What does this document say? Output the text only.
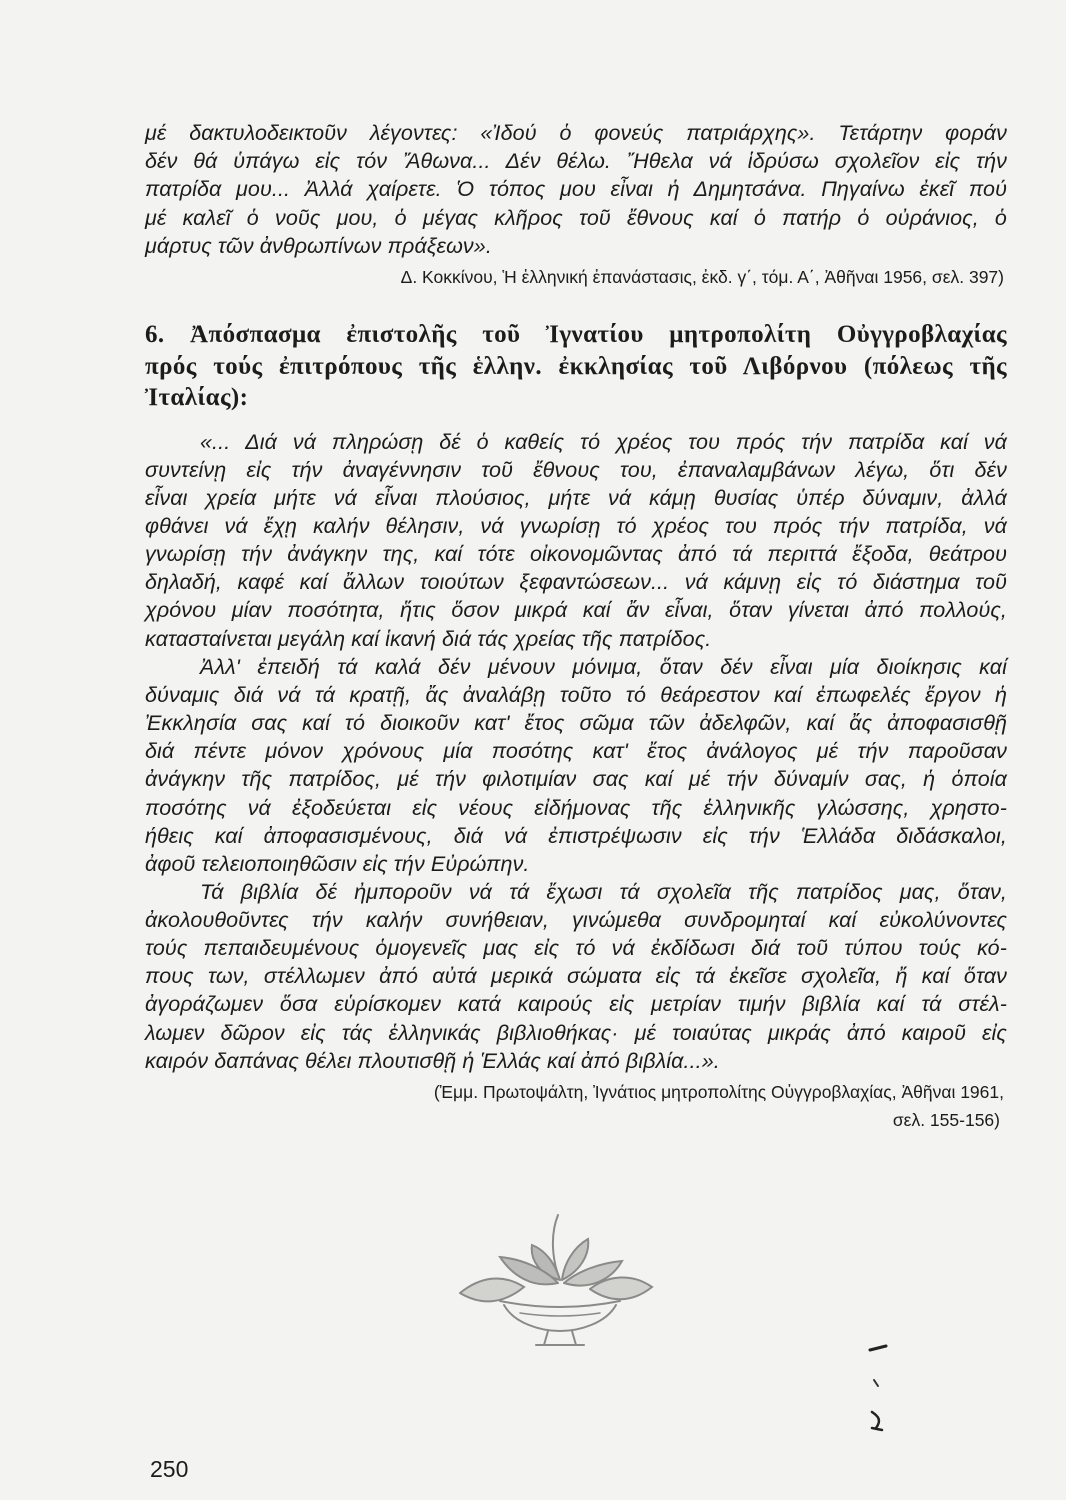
μέ δακτυλοδεικτοῦν λέγοντες: «Ἰδού ὁ φονεύς πατριάρχης». Τετάρτην φοράν
δέν θά ὑπάγω εἰς τόν Ἄθωνα... Δέν θέλω. Ἤθελα νά ἱδρύσω σχολεῖον εἰς τήν
πατρίδα μου... Ἀλλά χαίρετε. Ὁ τόπος μου εἶναι ἡ Δημητσάνα. Πηγαίνω ἐκεῖ πού
μέ καλεῖ ὁ νοῦς μου, ὁ μέγας κλῆρος τοῦ ἔθνους καί ὁ πατήρ ὁ οὐράνιος, ὁ
μάρτυς τῶν ἀνθρωπίνων πράξεων».
Δ. Κοκκίνου, Ἡ ἑλληνική ἐπανάστασις, ἐκδ. γ΄, τόμ. Α΄, Ἀθῆναι 1956, σελ. 397)
6. Ἀπόσπασμα ἐπιστολῆς τοῦ Ἰγνατίου μητροπολίτη Οὐγγροβλαχίας
πρός τούς ἐπιτρόπους τῆς ἑλλην. ἐκκλησίας τοῦ Λιβόρνου (πόλεως τῆς
Ἰταλίας):
«... Διά νά πληρώσῃ δέ ὁ καθείς τό χρέος του πρός τήν πατρίδα καί νά
συντείνῃ εἰς τήν ἀναγέννησιν τοῦ ἔθνους του, ἐπαναλαμβάνων λέγω, ὅτι δέν
εἶναι χρεία μήτε νά εἶναι πλούσιος, μήτε νά κάμῃ θυσίας ὑπέρ δύναμιν, ἀλλά
φθάνει νά ἔχῃ καλήν θέλησιν, νά γνωρίσῃ τό χρέος του πρός τήν πατρίδα, νά
γνωρίσῃ τήν ἀνάγκην της, καί τότε οἰκονομῶντας ἀπό τά περιττά ἔξοδα, θεάτρου
δηλαδή, καφέ καί ἄλλων τοιούτων ξεφαντώσεων... νά κάμνῃ εἰς τό διάστημα τοῦ
χρόνου μίαν ποσότητα, ἥτις ὅσον μικρά καί ἄν εἶναι, ὅταν γίνεται ἀπό πολλούς,
κατασταίνεται μεγάλη καί ἱκανή διά τάς χρείας τῆς πατρίδος.
Ἀλλ' ἐπειδή τά καλά δέν μένουν μόνιμα, ὅταν δέν εἶναι μία διοίκησις καί
δύναμις διά νά τά κρατῇ, ἄς ἀναλάβῃ τοῦτο τό θεάρεστον καί ἐπωφελές ἔργον ἡ
Ἐκκλησία σας καί τό διοικοῦν κατ' ἔτος σῶμα τῶν ἀδελφῶν, καί ἄς ἀποφασισθῇ
διά πέντε μόνον χρόνους μία ποσότης κατ' ἔτος ἀνάλογος μέ τήν παροῦσαν
ἀνάγκην τῆς πατρίδος, μέ τήν φιλοτιμίαν σας καί μέ τήν δύναμίν σας, ἡ ὁποία
ποσότης νά ἐξοδεύεται εἰς νέους εἰδήμονας τῆς ἑλληνικῆς γλώσσης, χρηστο-
ήθεις καί ἀποφασισμένους, διά νά ἐπιστρέψωσιν εἰς τήν Ἑλλάδα διδάσκαλοι,
ἀφοῦ τελειοποιηθῶσιν εἰς τήν Εὐρώπην.
Τά βιβλία δέ ἠμποροῦν νά τά ἔχωσι τά σχολεῖα τῆς πατρίδος μας, ὅταν,
ἀκολουθοῦντες τήν καλήν συνήθειαν, γινώμεθα συνδρομηταί καί εὐκολύνοντες
τούς πεπαιδευμένους ὁμογενεῖς μας εἰς τό νά ἐκδίδωσι διά τοῦ τύπου τούς κό-
πους των, στέλλωμεν ἀπό αὐτά μερικά σώματα εἰς τά ἐκεῖσε σχολεῖα, ἤ καί ὅταν
ἀγοράζωμεν ὅσα εὑρίσκομεν κατά καιρούς εἰς μετρίαν τιμήν βιβλία καί τά στέλ-
λωμεν δῶρον εἰς τάς ἑλληνικάς βιβλιοθήκας· μέ τοιαύτας μικράς ἀπό καιροῦ εἰς
καιρόν δαπάνας θέλει πλουτισθῇ ἡ Ἑλλάς καί ἀπό βιβλία...».
(Ἐμμ. Πρωτοψάλτη, Ἰγνάτιος μητροπολίτης Οὐγγροβλαχίας, Ἀθῆναι 1961,
σελ. 155-156)
250
